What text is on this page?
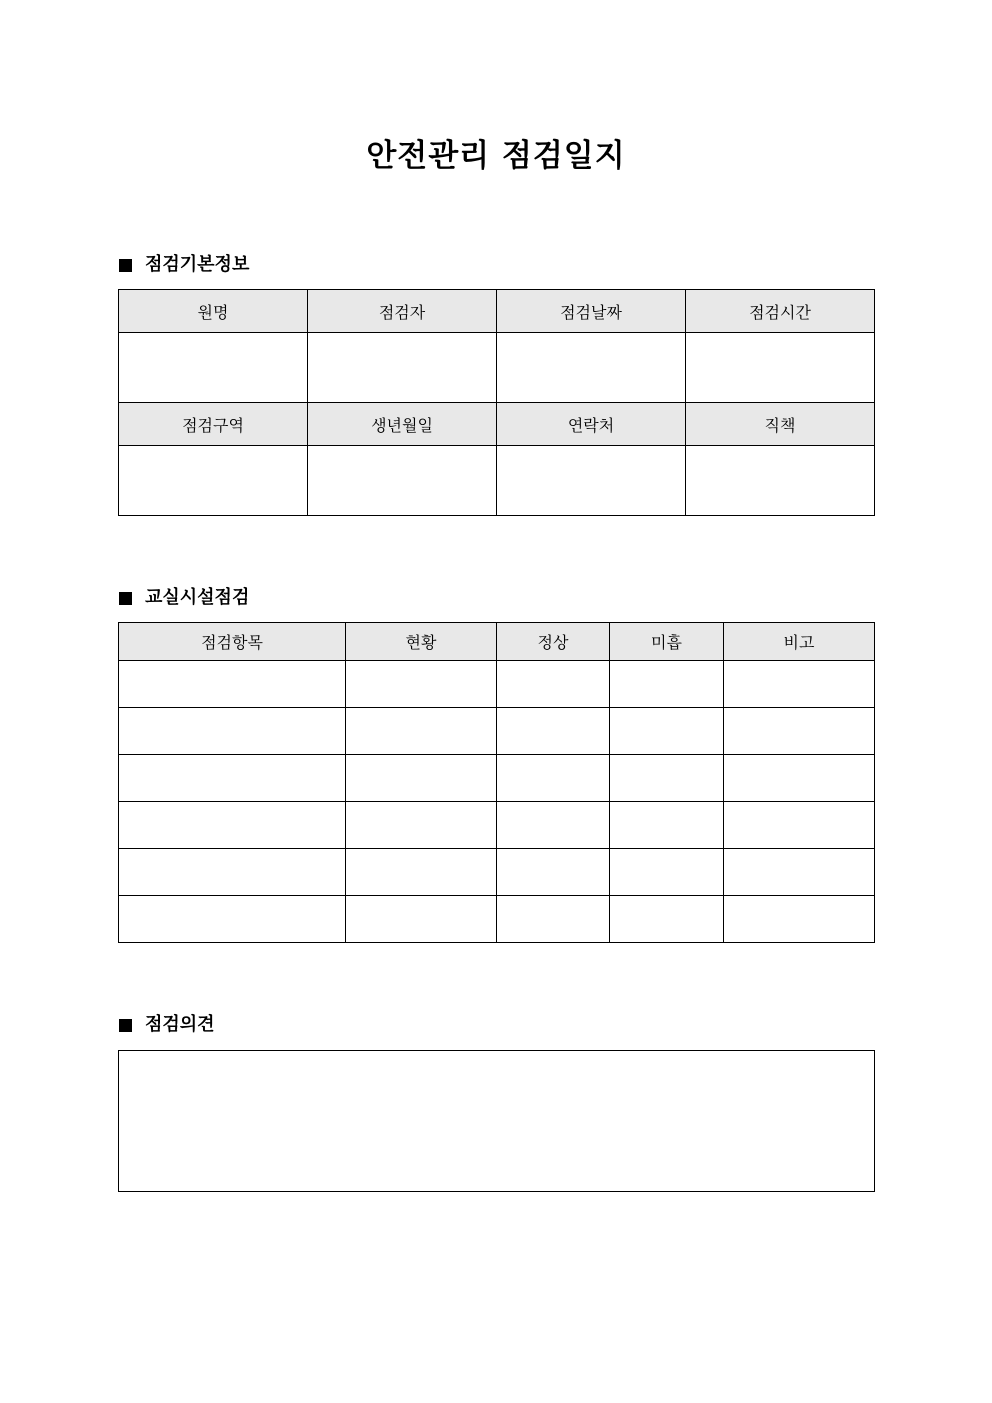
안전관리 점검일지
점검기본정보
원명	점검자	점검날짜	점검시간

점검구역	생년월일	연락처	직책

교실시설점검
점검항목	현황	정상	미흡	비고

점검의견
